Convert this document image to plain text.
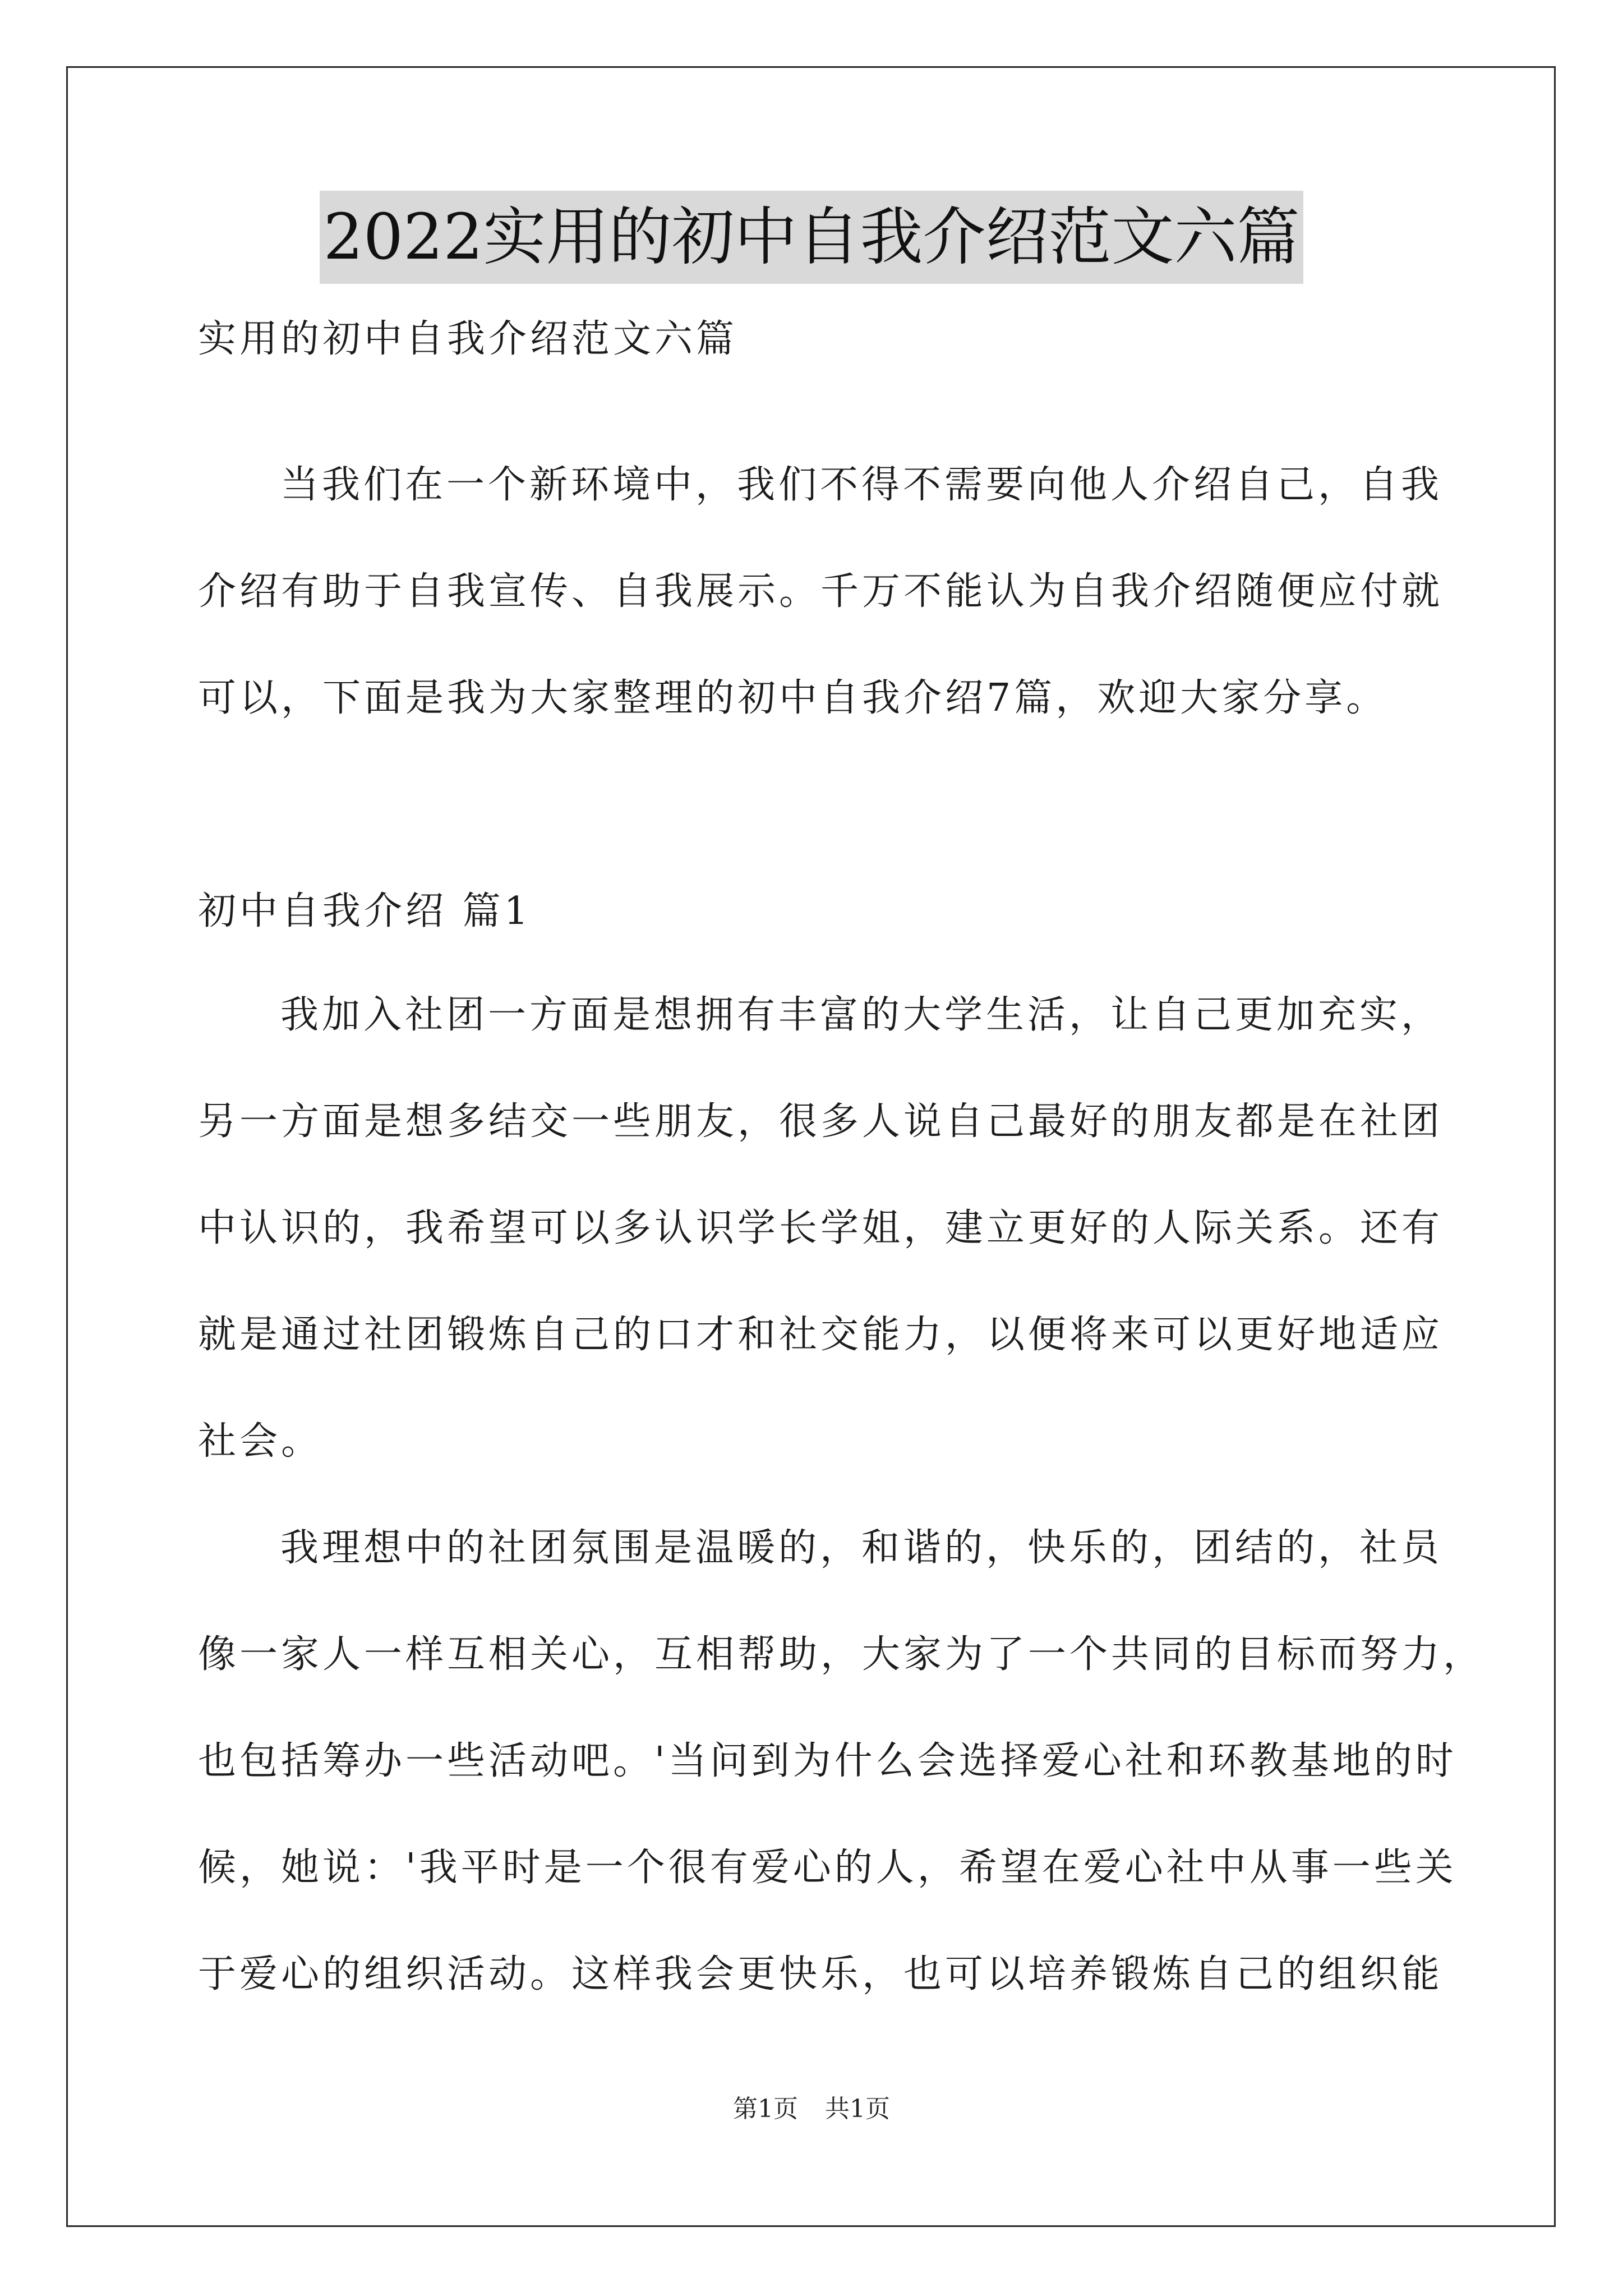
2022实用的初中自我介绍范文六篇
实用的初中自我介绍范文六篇
当我们在一个新环境中，我们不得不需要向他人介绍自己，自我
介绍有助于自我宣传、自我展示。千万不能认为自我介绍随便应付就
可以，下面是我为大家整理的初中自我介绍7篇，欢迎大家分享。
初中自我介绍 篇1
我加入社团一方面是想拥有丰富的大学生活，让自己更加充实，
另一方面是想多结交一些朋友，很多人说自己最好的朋友都是在社团
中认识的，我希望可以多认识学长学姐，建立更好的人际关系。还有
就是通过社团锻炼自己的口才和社交能力，以便将来可以更好地适应
社会。
我理想中的社团氛围是温暖的，和谐的，快乐的，团结的，社员
像一家人一样互相关心，互相帮助，大家为了一个共同的目标而努力，
也包括筹办一些活动吧。'当问到为什么会选择爱心社和环教基地的时
候，她说：'我平时是一个很有爱心的人，希望在爱心社中从事一些关
于爱心的组织活动。这样我会更快乐，也可以培养锻炼自己的组织能
第1页 共1页
